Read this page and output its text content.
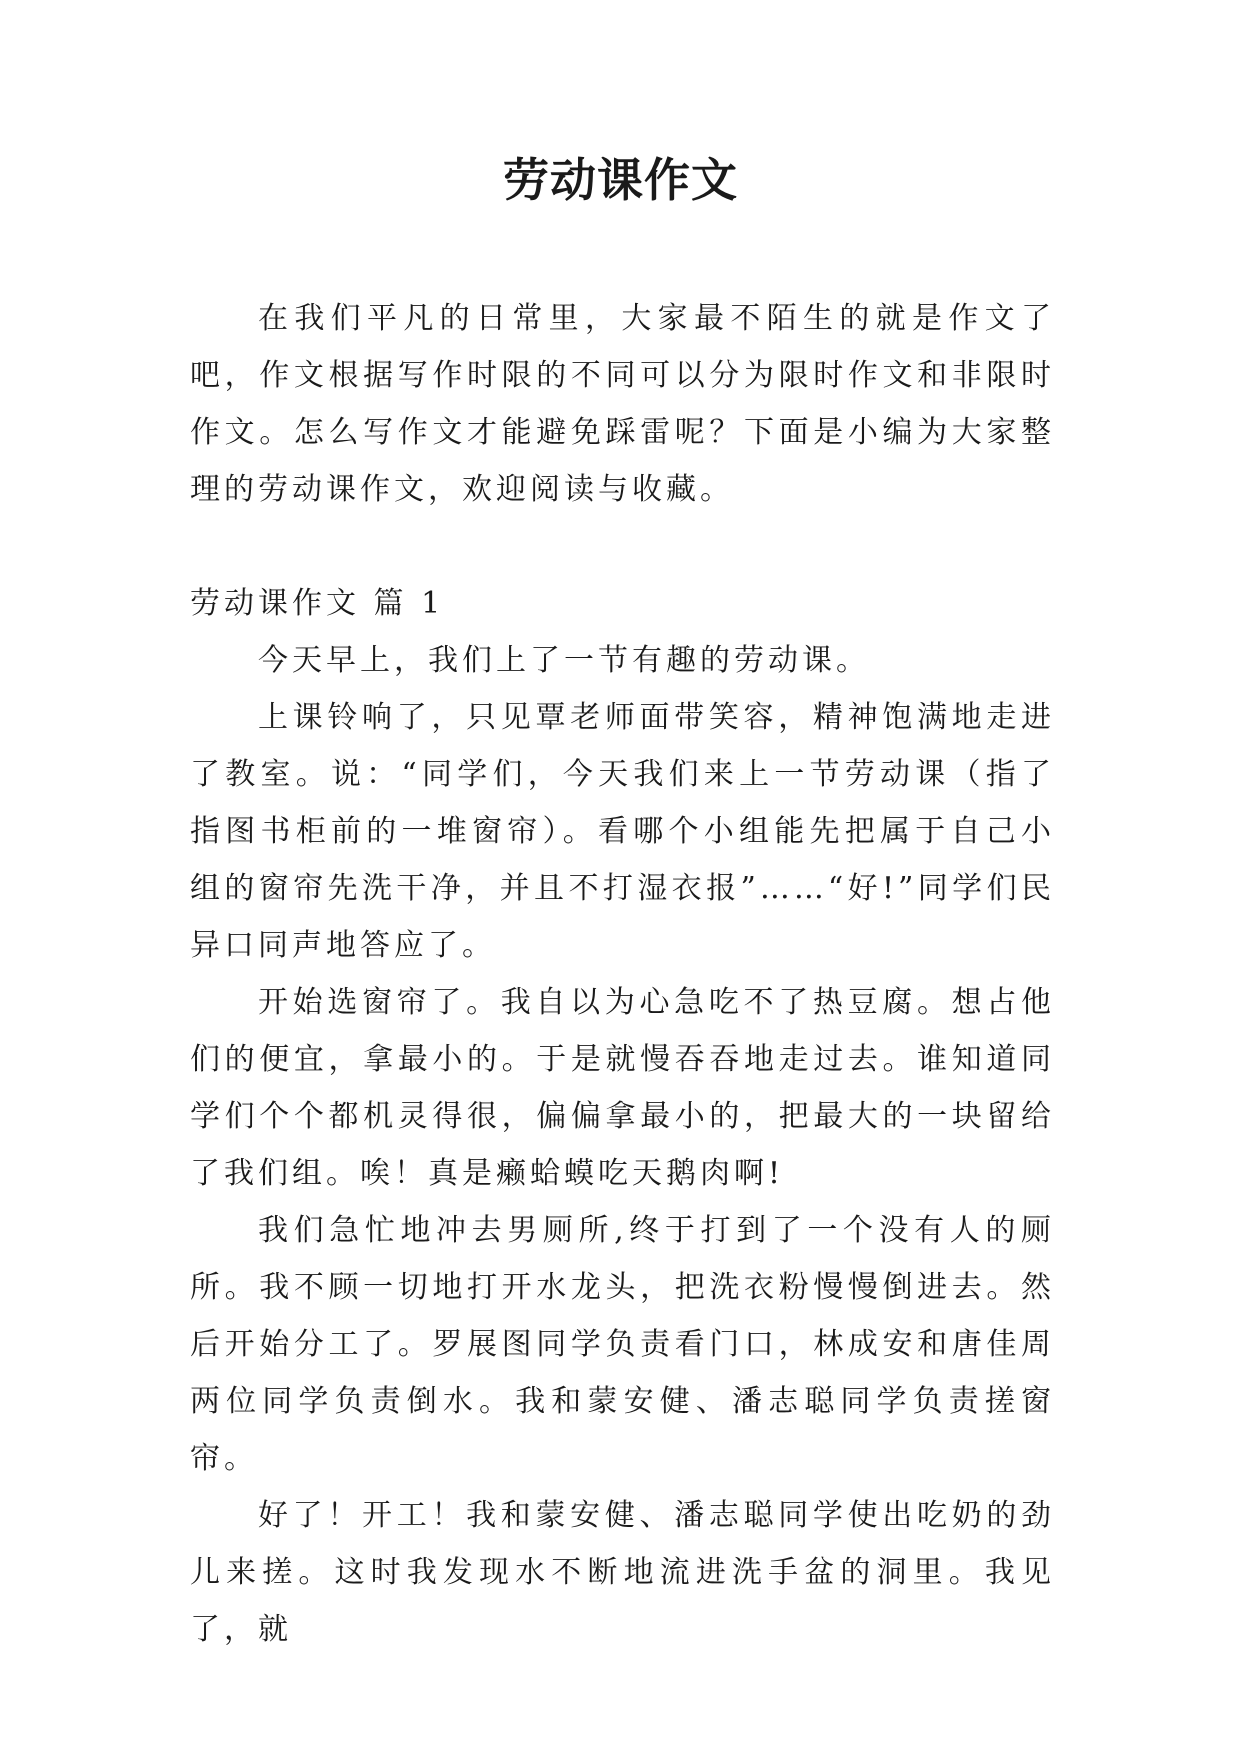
劳动课作文

在我们平凡的日常里，大家最不陌生的就是作文了吧，作文根据写作时限的不同可以分为限时作文和非限时作文。怎么写作文才能避免踩雷呢？下面是小编为大家整理的劳动课作文，欢迎阅读与收藏。

劳动课作文 篇 1

今天早上，我们上了一节有趣的劳动课。

上课铃响了，只见覃老师面带笑容，精神饱满地走进了教室。说：“同学们，今天我们来上一节劳动课（指了指图书柜前的一堆窗帘）。看哪个小组能先把属于自己小组的窗帘先洗干净，并且不打湿衣报”……“好!”同学们民异口同声地答应了。

开始选窗帘了。我自以为心急吃不了热豆腐。想占他们的便宜，拿最小的。于是就慢吞吞地走过去。谁知道同学们个个都机灵得很，偏偏拿最小的，把最大的一块留给了我们组。唉！真是癞蛤蟆吃天鹅肉啊!

我们急忙地冲去男厕所,终于打到了一个没有人的厕所。我不顾一切地打开水龙头，把洗衣粉慢慢倒进去。然后开始分工了。罗展图同学负责看门口，林成安和唐佳周两位同学负责倒水。我和蒙安健、潘志聪同学负责搓窗帘。

好了！开工！我和蒙安健、潘志聪同学使出吃奶的劲儿来搓。这时我发现水不断地流进洗手盆的洞里。我见了，就
